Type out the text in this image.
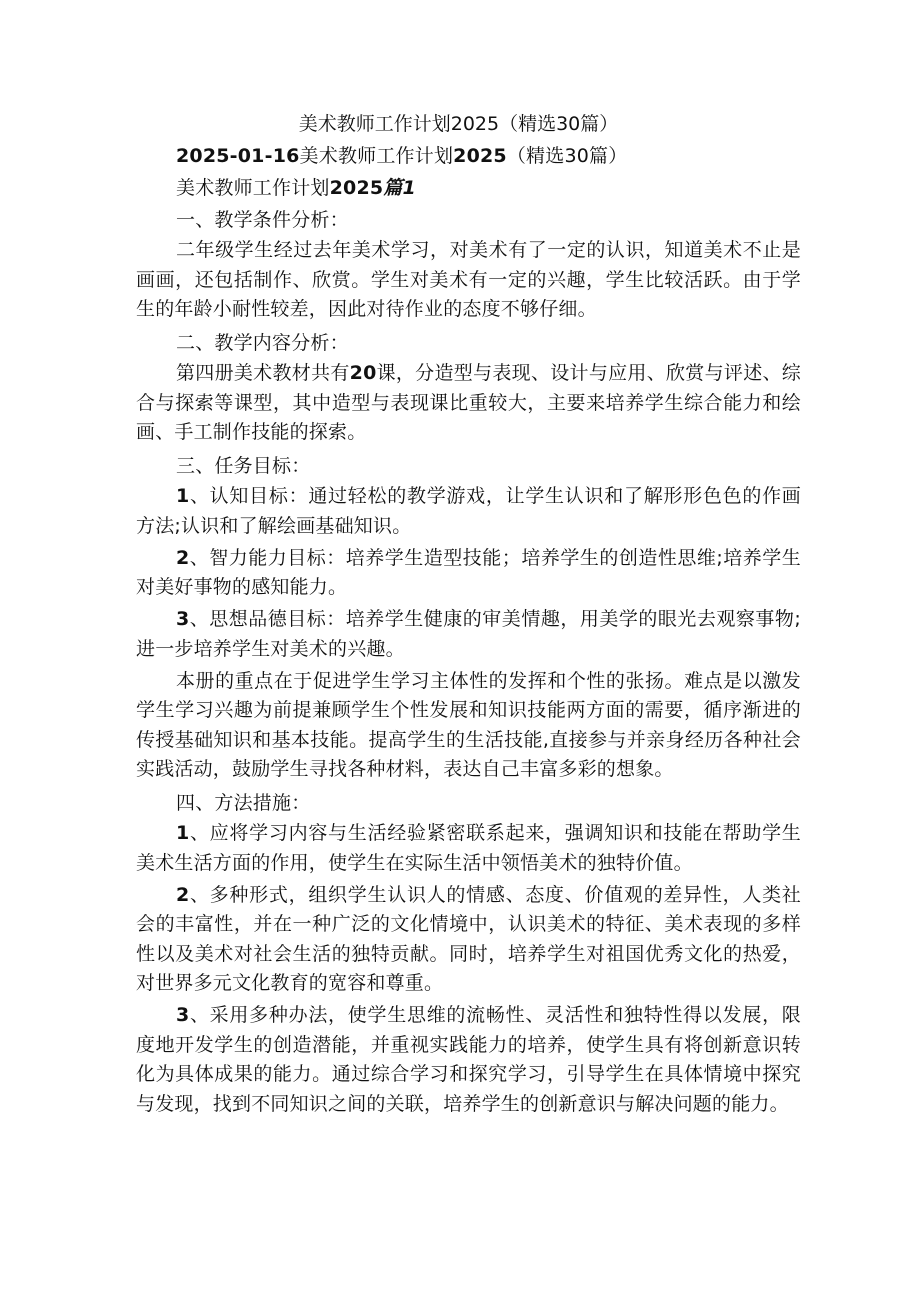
美术教师工作计划2025（精选30篇）

2025-01-16美术教师工作计划2025（精选30篇）

美术教师工作计划2025篇1

一、教学条件分析：

二年级学生经过去年美术学习，对美术有了一定的认识，知道美术不止是画画，还包括制作、欣赏。学生对美术有一定的兴趣，学生比较活跃。由于学生的年龄小耐性较差，因此对待作业的态度不够仔细。

二、教学内容分析：

第四册美术教材共有20课，分造型与表现、设计与应用、欣赏与评述、综合与探索等课型，其中造型与表现课比重较大，主要来培养学生综合能力和绘画、手工制作技能的探索。

三、任务目标：

1、认知目标：通过轻松的教学游戏，让学生认识和了解形形色色的作画方法;认识和了解绘画基础知识。

2、智力能力目标：培养学生造型技能；培养学生的创造性思维;培养学生对美好事物的感知能力。

3、思想品德目标：培养学生健康的审美情趣，用美学的眼光去观察事物;进一步培养学生对美术的兴趣。

本册的重点在于促进学生学习主体性的发挥和个性的张扬。难点是以激发学生学习兴趣为前提兼顾学生个性发展和知识技能两方面的需要，循序渐进的传授基础知识和基本技能。提高学生的生活技能,直接参与并亲身经历各种社会实践活动，鼓励学生寻找各种材料，表达自己丰富多彩的想象。

四、方法措施：

1、应将学习内容与生活经验紧密联系起来，强调知识和技能在帮助学生美术生活方面的作用，使学生在实际生活中领悟美术的独特价值。

2、多种形式，组织学生认识人的情感、态度、价值观的差异性，人类社会的丰富性，并在一种广泛的文化情境中，认识美术的特征、美术表现的多样性以及美术对社会生活的独特贡献。同时，培养学生对祖国优秀文化的热爱，对世界多元文化教育的宽容和尊重。

3、采用多种办法，使学生思维的流畅性、灵活性和独特性得以发展，限度地开发学生的创造潜能，并重视实践能力的培养，使学生具有将创新意识转化为具体成果的能力。通过综合学习和探究学习，引导学生在具体情境中探究与发现，找到不同知识之间的关联，培养学生的创新意识与解决问题的能力。
